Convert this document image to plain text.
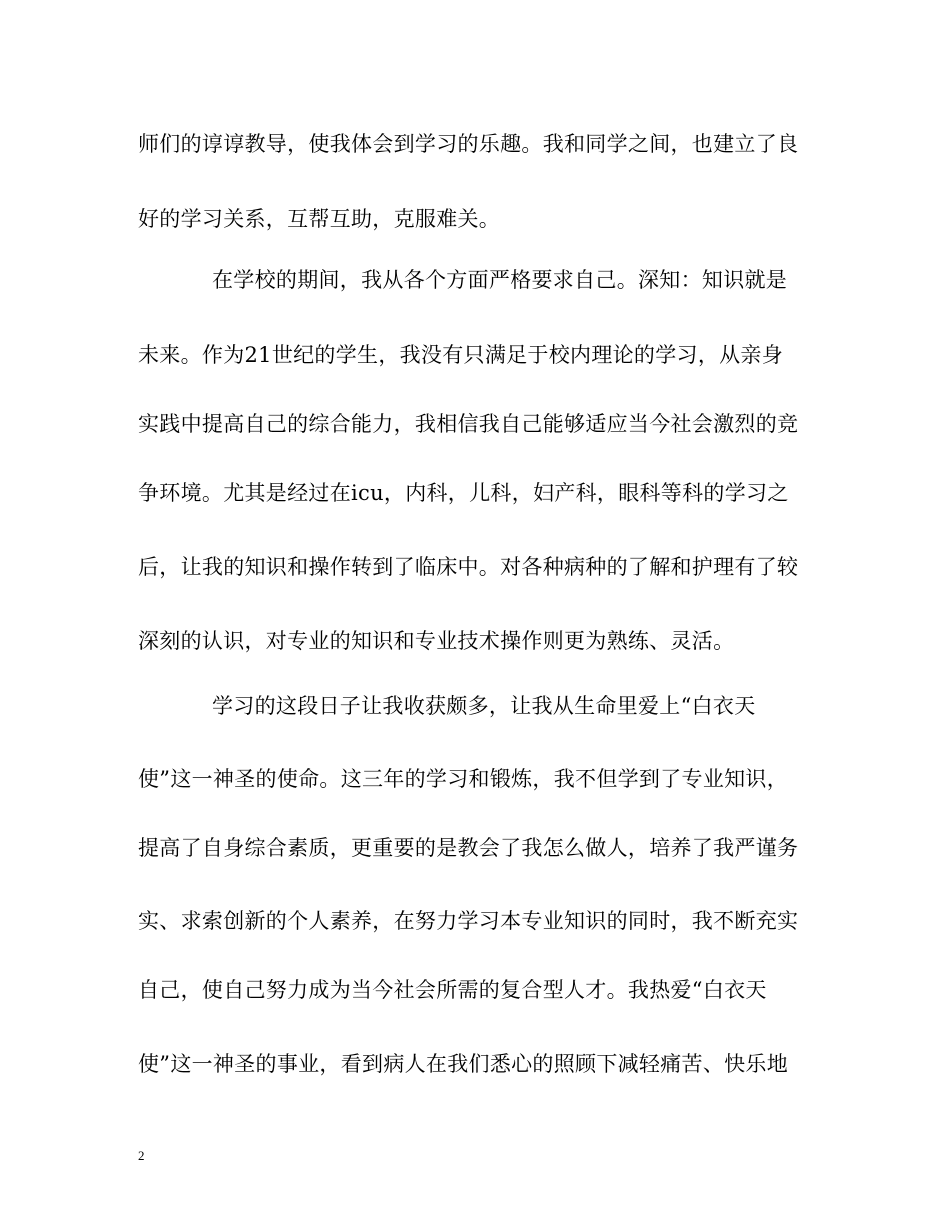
师们的谆谆教导，使我体会到学习的乐趣。我和同学之间，也建立了良
好的学习关系，互帮互助，克服难关。
在学校的期间，我从各个方面严格要求自己。深知：知识就是
未来。作为21世纪的学生，我没有只满足于校内理论的学习，从亲身
实践中提高自己的综合能力，我相信我自己能够适应当今社会激烈的竞
争环境。尤其是经过在icu，内科，儿科，妇产科，眼科等科的学习之
后，让我的知识和操作转到了临床中。对各种病种的了解和护理有了较
深刻的认识，对专业的知识和专业技术操作则更为熟练、灵活。
学习的这段日子让我收获颇多，让我从生命里爱上“白衣天
使”这一神圣的使命。这三年的学习和锻炼，我不但学到了专业知识，
提高了自身综合素质，更重要的是教会了我怎么做人，培养了我严谨务
实、求索创新的个人素养，在努力学习本专业知识的同时，我不断充实
自己，使自己努力成为当今社会所需的复合型人才。我热爱“白衣天
使”这一神圣的事业，看到病人在我们悉心的照顾下减轻痛苦、快乐地
2
